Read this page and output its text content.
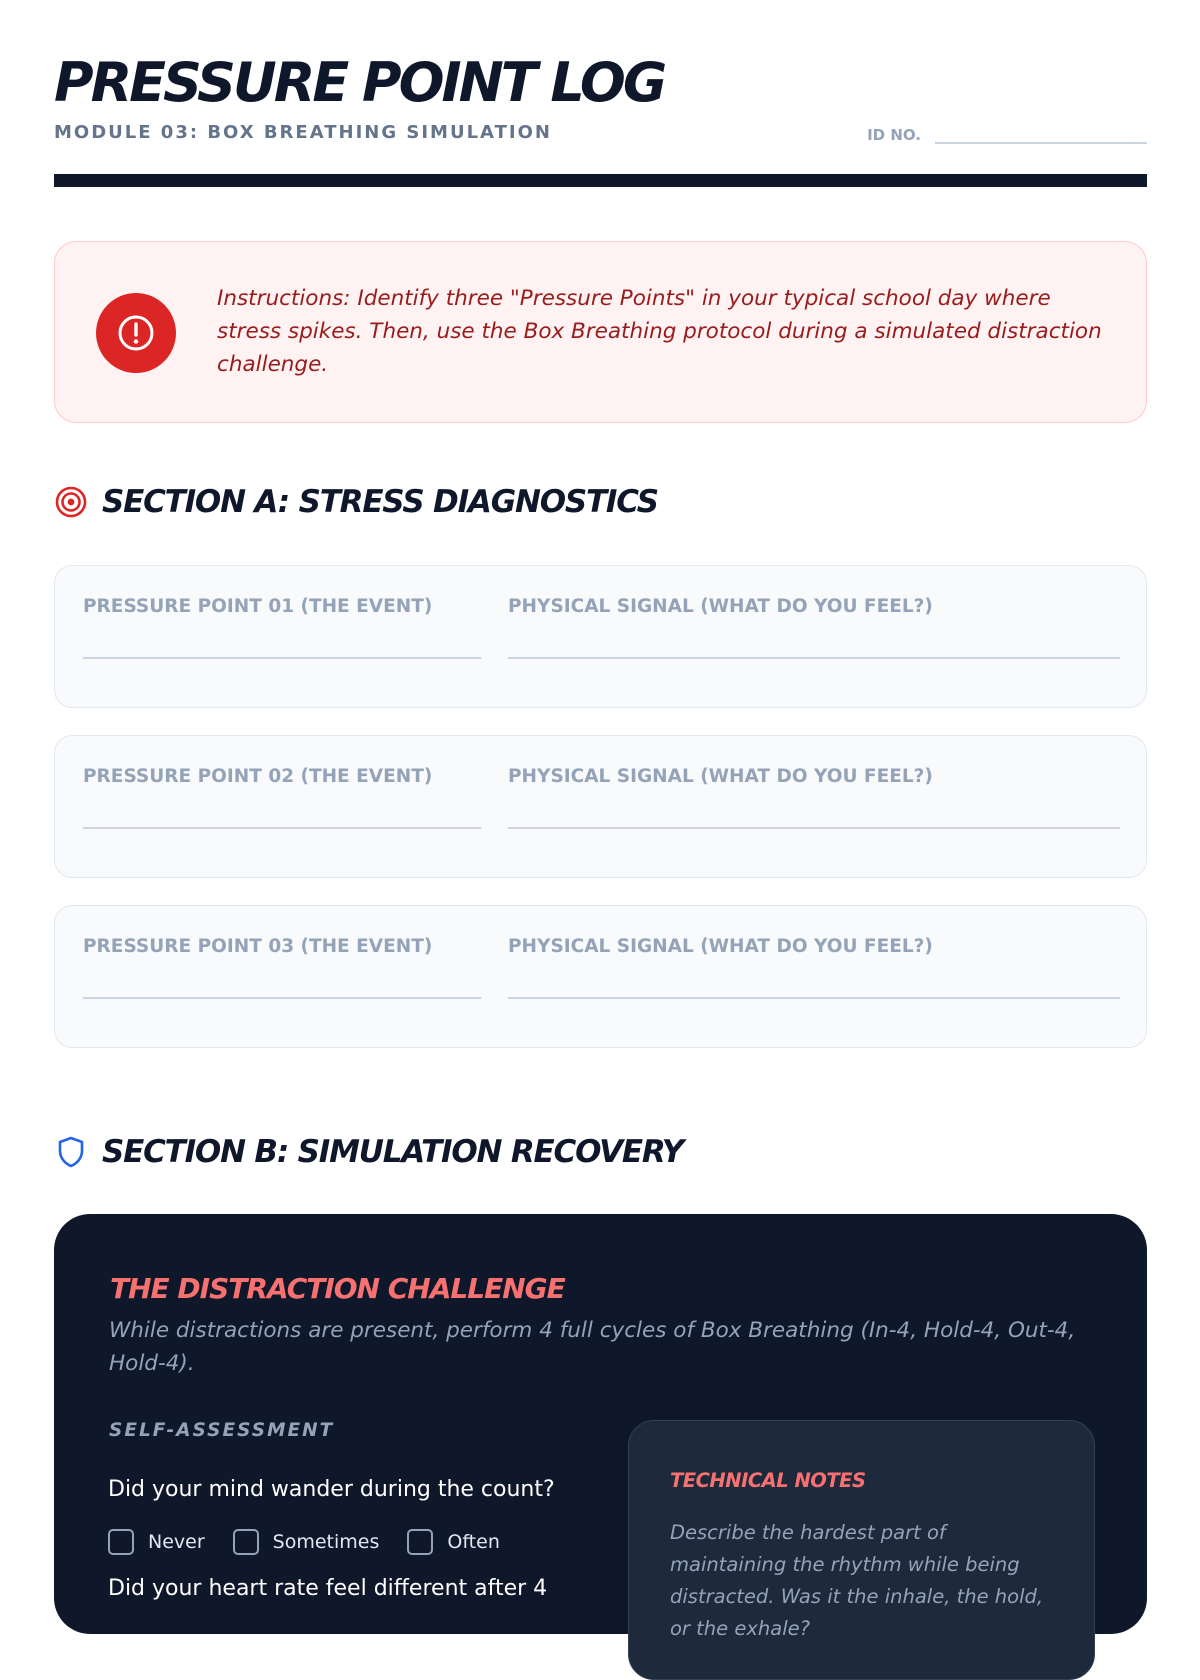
PRESSURE POINT LOG
MODULE 03: BOX BREATHING SIMULATION	ID NO.
Instructions: Identify three "Pressure Points" in your typical school day where stress spikes. Then, use the Box Breathing protocol during a simulated distraction challenge.
SECTION A: STRESS DIAGNOSTICS
PRESSURE POINT 01 (THE EVENT)	PHYSICAL SIGNAL (WHAT DO YOU FEEL?)
PRESSURE POINT 02 (THE EVENT)	PHYSICAL SIGNAL (WHAT DO YOU FEEL?)
PRESSURE POINT 03 (THE EVENT)	PHYSICAL SIGNAL (WHAT DO YOU FEEL?)
SECTION B: SIMULATION RECOVERY
THE DISTRACTION CHALLENGE
While distractions are present, perform 4 full cycles of Box Breathing (In-4, Hold-4, Out-4, Hold-4).
SELF-ASSESSMENT
Did your mind wander during the count?
Never	Sometimes	Often
Did your heart rate feel different after 4
TECHNICAL NOTES
Describe the hardest part of maintaining the rhythm while being distracted. Was it the inhale, the hold, or the exhale?
